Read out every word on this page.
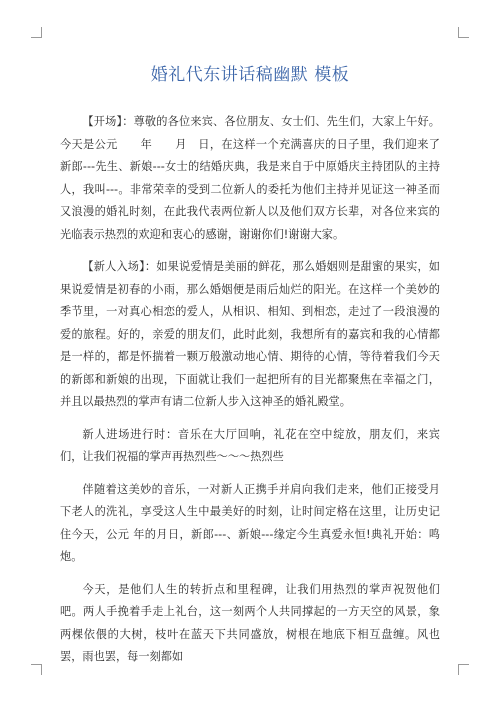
婚礼代东讲话稿幽默 模板

【开场】：尊敬的各位来宾、各位朋友、女士们、先生们，大家上午好。今天是公元　　年　　月　日，在这样一个充满喜庆的日子里，我们迎来了新郎---先生、新娘---女士的结婚庆典，我是来自于中原婚庆主持团队的主持人，我叫---。非常荣幸的受到二位新人的委托为他们主持并见证这一神圣而又浪漫的婚礼时刻，在此我代表两位新人以及他们双方长辈，对各位来宾的光临表示热烈的欢迎和衷心的感谢，谢谢你们!谢谢大家。

【新人入场】：如果说爱情是美丽的鲜花，那么婚姻则是甜蜜的果实，如果说爱情是初春的小雨，那么婚姻便是雨后灿烂的阳光。在这样一个美妙的季节里，一对真心相恋的爱人，从相识、相知、到相恋，走过了一段浪漫的爱的旅程。好的，亲爱的朋友们，此时此刻，我想所有的嘉宾和我的心情都是一样的，都是怀揣着一颗万般激动地心情、期待的心情，等待着我们今天的新郎和新娘的出现，下面就让我们一起把所有的目光都聚焦在幸福之门，并且以最热烈的掌声有请二位新人步入这神圣的婚礼殿堂。

新人进场进行时：音乐在大厅回响，礼花在空中绽放，朋友们，来宾们，让我们祝福的掌声再热烈些～～～热烈些

伴随着这美妙的音乐，一对新人正携手并肩向我们走来，他们正接受月下老人的洗礼，享受这人生中最美好的时刻，让时间定格在这里，让历史记住今天，公元 年的月日，新郎---、新娘---缘定今生真爱永恒!典礼开始：鸣炮。

今天，是他们人生的转折点和里程碑，让我们用热烈的掌声祝贺他们吧。两人手挽着手走上礼台，这一刻两个人共同撑起的一方天空的风景，象两棵依偎的大树，枝叶在蓝天下共同盛放，树根在地底下相互盘缠。风也罢，雨也罢，每一刻都如
